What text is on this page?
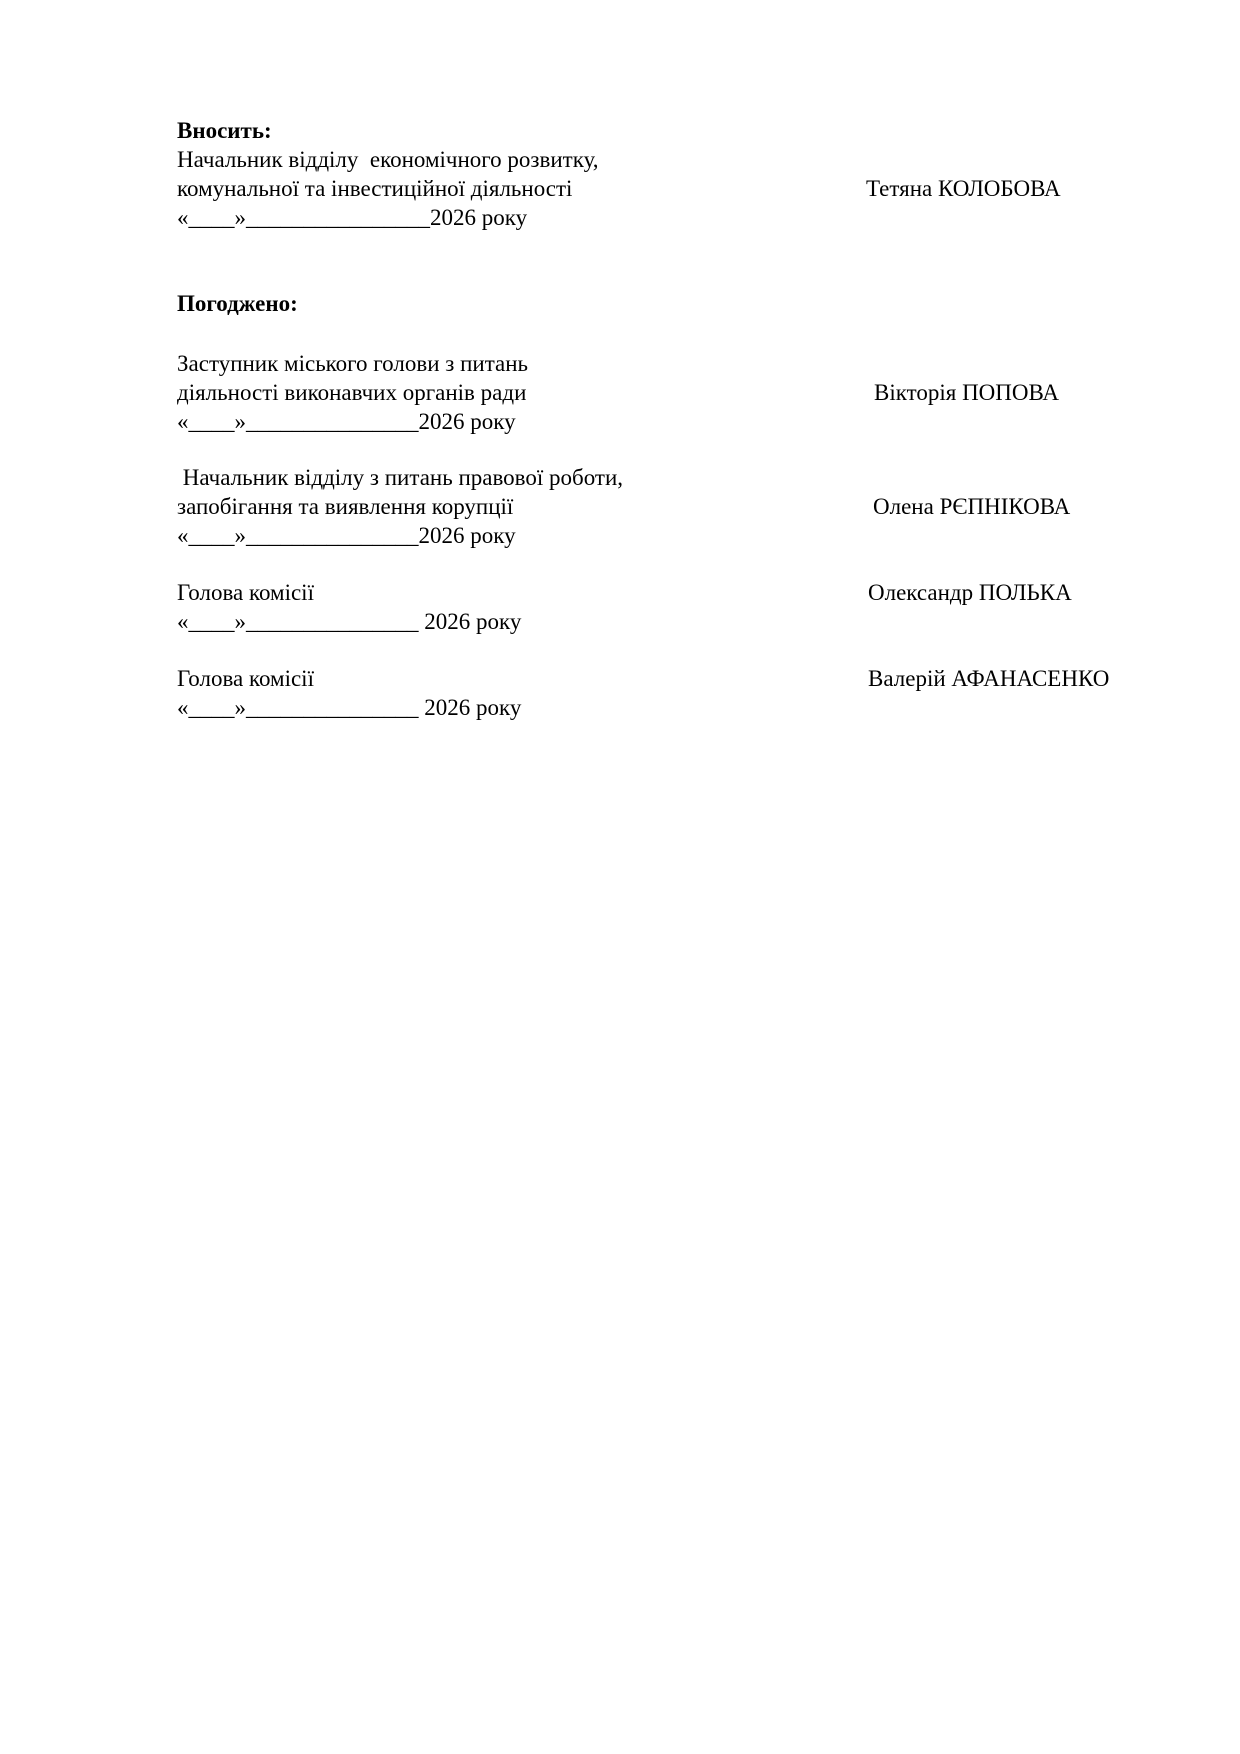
Вносить:
Начальник відділу  економічного розвитку,
комунальної та інвестиційної діяльності	Тетяна КОЛОБОВА
«____»________________2026 року
Погоджено:
Заступник міського голови з питань
діяльності виконавчих органів ради	Вікторія ПОПОВА
«____»_______________2026 року
Начальник відділу з питань правової роботи,
запобігання та виявлення корупції	Олена РЄПНІКОВА
«____»_______________2026 року
Голова комісії	Олександр ПОЛЬКА
«____»_______________ 2026 року
Голова комісії	Валерій АФАНАСЕНКО
«____»_______________ 2026 року
